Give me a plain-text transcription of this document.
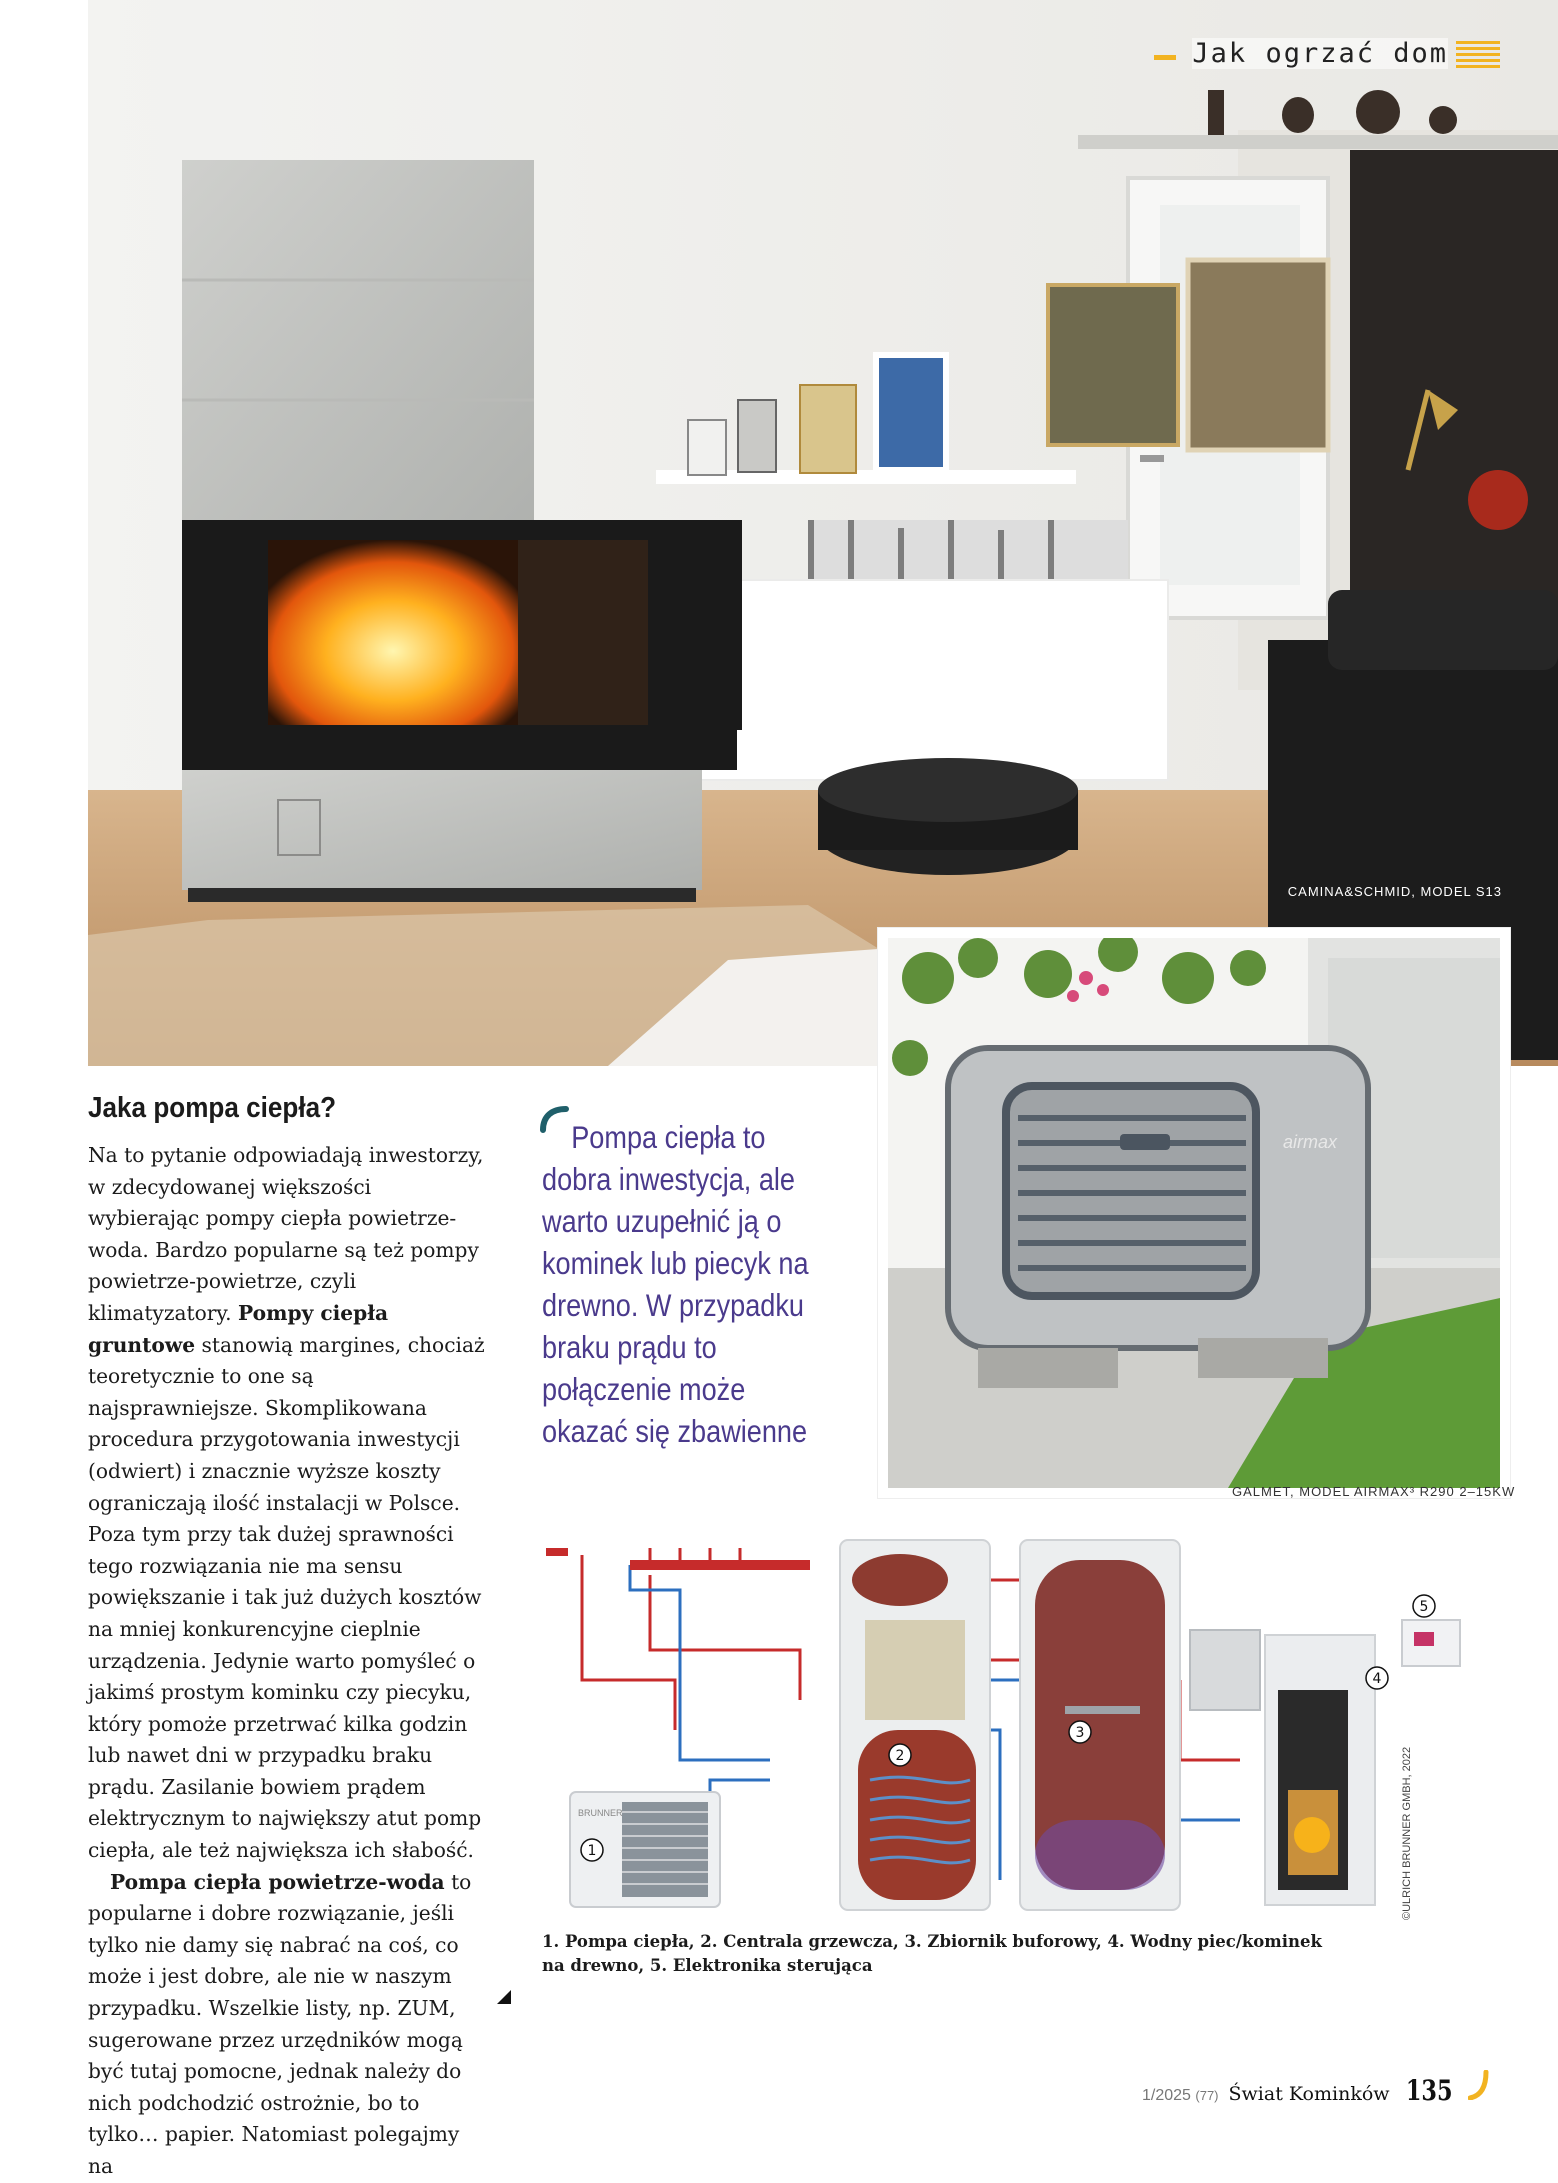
Jak ogrzać dom
CAMINA&SCHMID, MODEL S13
Jaka pompa ciepła?

Na to pytanie odpowiadają inwestorzy, w zdecydowanej większości wybierając pompy ciepła powietrze-woda. Bardzo popularne są też pompy powietrze-powietrze, czyli klimatyzatory. Pompy ciepła gruntowe stanowią margines, chociaż teoretycznie to one są najsprawniejsze. Skomplikowana procedura przygotowania inwestycji (odwiert) i znacznie wyższe koszty ograniczają ilość instalacji w Polsce. Poza tym przy tak dużej sprawności tego rozwiązania nie ma sensu powiększanie i tak już dużych kosztów na mniej konkurencyjne cieplnie urządzenia. Jedynie warto pomyśleć o jakimś prostym kominku czy piecyku, który pomoże przetrwać kilka godzin lub nawet dni w przypadku braku prądu. Zasilanie bowiem prądem elektrycznym to największy atut pomp ciepła, ale też największa ich słabość.

Pompa ciepła powietrze-woda to popularne i dobre rozwiązanie, jeśli tylko nie damy się nabrać na coś, co może i jest dobre, ale nie w naszym przypadku. Wszelkie listy, np. ZUM, sugerowane przez urzędników mogą być tutaj pomocne, jednak należy do nich podchodzić ostrożnie, bo to tylko… papier. Natomiast polegajmy na

Pompa ciepła to dobra inwestycja, ale warto uzupełnić ją o kominek lub piecyk na drewno. W przypadku braku prądu to połączenie może okazać się zbawienne
airmax
GALMET, MODEL AIRMAX³ R290 2–15KW
BRUNNER
1
2
3
4
5
©ULRICH BRUNNER GMBH, 2022
1. Pompa ciepła, 2. Centrala grzewcza, 3. Zbiornik buforowy, 4. Wodny piec/kominek na drewno, 5. Elektronika sterująca
1/2025 (77) Świat Kominków 135
